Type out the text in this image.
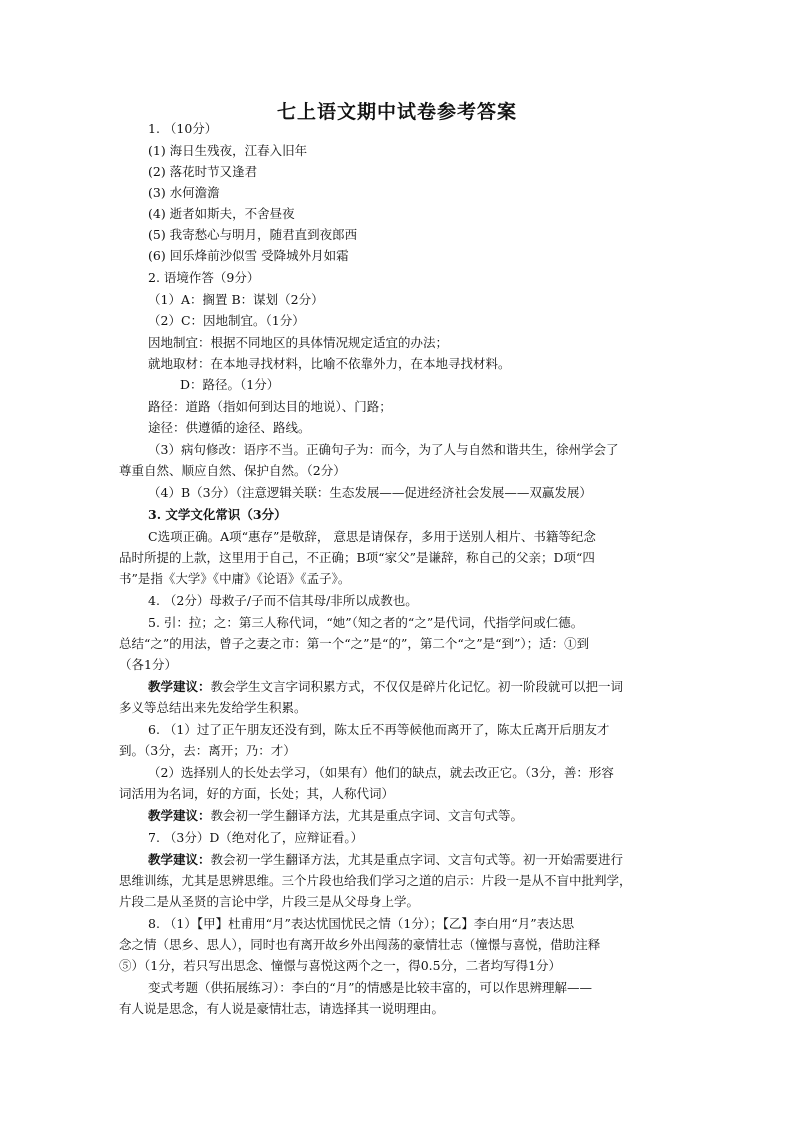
七上语文期中试卷参考答案
1. （10分）
(1) 海日生残夜，江春入旧年
(2) 落花时节又逢君
(3) 水何澹澹
(4) 逝者如斯夫，不舍昼夜
(5) 我寄愁心与明月，随君直到夜郎西
(6) 回乐烽前沙似雪 受降城外月如霜
2. 语境作答（9分）
（1）A：搁置 B：谋划（2分）
（2）C：因地制宜。（1分）
因地制宜：根据不同地区的具体情况规定适宜的办法；
就地取材：在本地寻找材料，比喻不依靠外力，在本地寻找材料。
D：路径。（1分）
路径：道路（指如何到达目的地说）、门路；
途径：供遵循的途径、路线。
（3）病句修改：语序不当。正确句子为：而今，为了人与自然和谐共生，徐州学会了
尊重自然、顺应自然、保护自然。（2分）
（4）B（3分）（注意逻辑关联：生态发展——促进经济社会发展——双赢发展）
3. 文学文化常识（3分）
C选项正确。A项“惠存”是敬辞， 意思是请保存，多用于送别人相片、书籍等纪念
品时所提的上款，这里用于自己，不正确；B项“家父”是谦辞，称自己的父亲；D项“四
书”是指《大学》《中庸》《论语》《孟子》。
4. （2分）母救子/子而不信其母/非所以成教也。
5. 引：拉；之：第三人称代词，“她”（知之者的“之”是代词，代指学问或仁德。
总结“之”的用法，曾子之妻之市：第一个“之”是“的”，第二个“之”是“到”）；适：①到
（各1分）
教学建议：教会学生文言字词积累方式，不仅仅是碎片化记忆。初一阶段就可以把一词
多义等总结出来先发给学生积累。
6. （1）过了正午朋友还没有到，陈太丘不再等候他而离开了，陈太丘离开后朋友才
到。（3分，去：离开；乃：才）
（2）选择别人的长处去学习，（如果有）他们的缺点，就去改正它。（3分，善：形容
词活用为名词，好的方面，长处；其，人称代词）
教学建议：教会初一学生翻译方法，尤其是重点字词、文言句式等。
7. （3分）D（绝对化了，应辩证看。）
教学建议：教会初一学生翻译方法，尤其是重点字词、文言句式等。初一开始需要进行
思维训练，尤其是思辨思维。三个片段也给我们学习之道的启示：片段一是从不盲中批判学，
片段二是从圣贤的言论中学，片段三是从父母身上学。
8. （1）【甲】杜甫用“月”表达忧国忧民之情（1分）；【乙】李白用“月”表达思
念之情（思乡、思人），同时也有离开故乡外出闯荡的豪情壮志（憧憬与喜悦，借助注释
⑤）（1分，若只写出思念、憧憬与喜悦这两个之一，得0.5分，二者均写得1分）
变式考题（供拓展练习）：李白的“月”的情感是比较丰富的，可以作思辨理解——
有人说是思念，有人说是豪情壮志，请选择其一说明理由。
